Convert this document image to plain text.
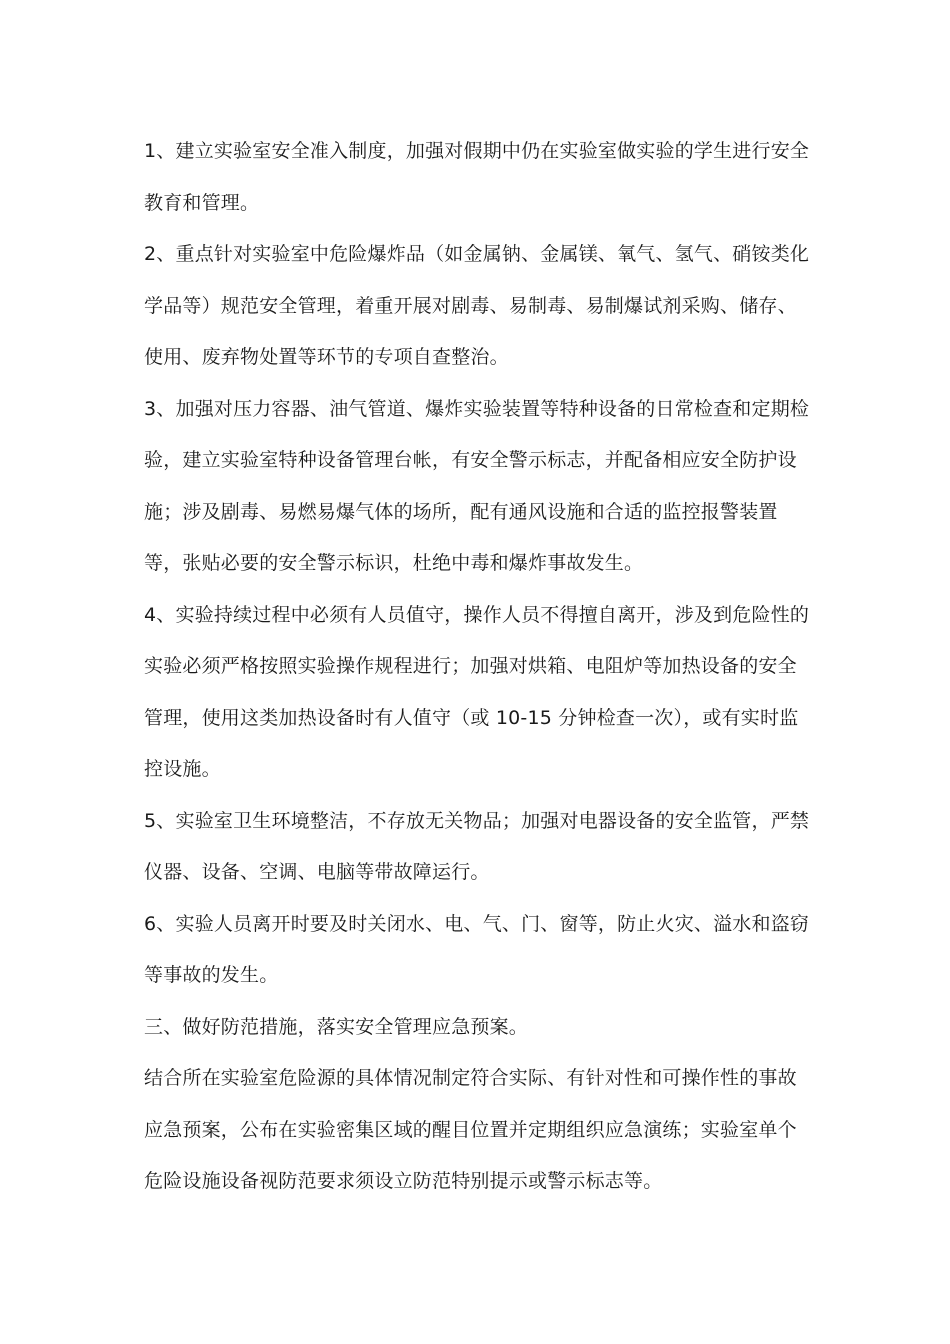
1、建立实验室安全准入制度，加强对假期中仍在实验室做实验的学生进行安全教育和管理。

2、重点针对实验室中危险爆炸品（如金属钠、金属镁、氧气、氢气、硝铵类化学品等）规范安全管理，着重开展对剧毒、易制毒、易制爆试剂采购、储存、使用、废弃物处置等环节的专项自查整治。

3、加强对压力容器、油气管道、爆炸实验装置等特种设备的日常检查和定期检验，建立实验室特种设备管理台帐，有安全警示标志，并配备相应安全防护设施；涉及剧毒、易燃易爆气体的场所，配有通风设施和合适的监控报警装置等，张贴必要的安全警示标识，杜绝中毒和爆炸事故发生。

4、实验持续过程中必须有人员值守，操作人员不得擅自离开，涉及到危险性的实验必须严格按照实验操作规程进行；加强对烘箱、电阻炉等加热设备的安全管理，使用这类加热设备时有人值守（或 10-15 分钟检查一次），或有实时监控设施。

5、实验室卫生环境整洁，不存放无关物品；加强对电器设备的安全监管，严禁仪器、设备、空调、电脑等带故障运行。

6、实验人员离开时要及时关闭水、电、气、门、窗等，防止火灾、溢水和盗窃等事故的发生。

三、做好防范措施，落实安全管理应急预案。

结合所在实验室危险源的具体情况制定符合实际、有针对性和可操作性的事故应急预案，公布在实验密集区域的醒目位置并定期组织应急演练；实验室单个危险设施设备视防范要求须设立防范特别提示或警示标志等。
